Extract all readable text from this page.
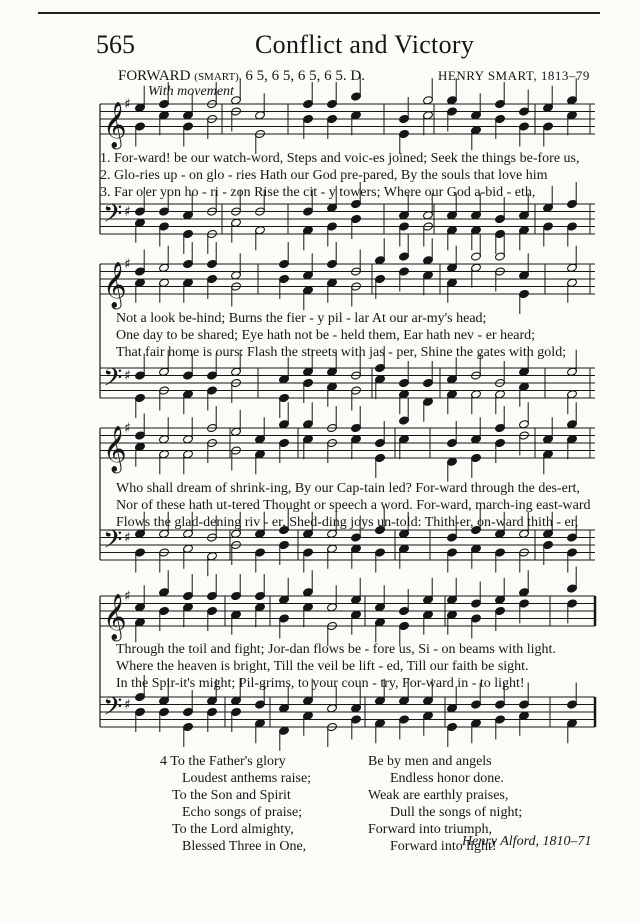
565	Conflict and Victory
FORWARD (SMART). 6 5, 6 5, 6 5, 6 5. D.	HENRY SMART, 1813–79
With movement
𝄞
𝄢
♯
♯
𝄞
𝄢
♯
♯
𝄞
𝄢
♯
♯
𝄞
𝄢
♯
♯
1. For-ward! be our watch-word, Steps and voic-es joined; Seek the things be-fore us,
2. Glo-ries up - on glo - ries Hath our God pre-pared, By the souls that love him
3. Far o'er yon ho - ri - zon Rise the cit - y towers; Where our God a-bid - eth,
Not a look be-hind; Burns the fier - y pil - lar At our ar-my's head;
One day to be shared; Eye hath not be - held them, Ear hath nev - er heard;
That fair home is ours: Flash the streets with jas - per, Shine the gates with gold;
Who shall dream of shrink-ing, By our Cap-tain led? For-ward through the des-ert,
Nor of these hath ut-tered Thought or speech a word. For-ward, march-ing east-ward
Flows the glad-dening riv - er, Shed-ding joys un-told: Thith-er, on-ward thith - er,
Through the toil and fight; Jor-dan flows be - fore us, Si - on beams with light.
Where the heaven is bright, Till the veil be lift - ed, Till our faith be sight.
In the Spir-it's might; Pil-grims, to your coun - try, For-ward in - to light!
4 To the Father's glory
Loudest anthems raise;
To the Son and Spirit
Echo songs of praise;
To the Lord almighty,
Blessed Three in One,
Be by men and angels
Endless honor done.
Weak are earthly praises,
Dull the songs of night;
Forward into triumph,
Forward into light!
Henry Alford, 1810–71
